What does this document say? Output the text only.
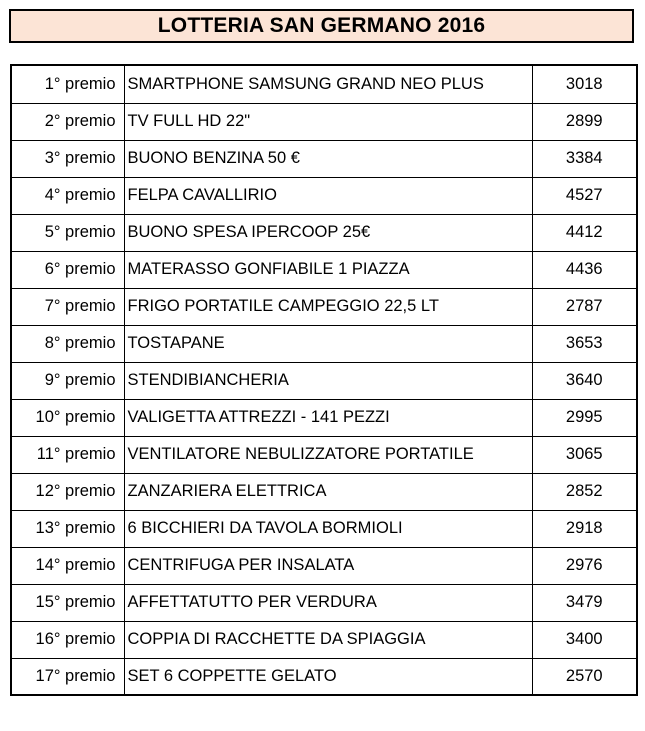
LOTTERIA SAN GERMANO 2016
1° premio	SMARTPHONE SAMSUNG GRAND NEO PLUS	3018
2° premio	TV FULL HD 22"	2899
3° premio	BUONO BENZINA 50 €	3384
4° premio	FELPA CAVALLIRIO	4527
5° premio	BUONO SPESA IPERCOOP 25€	4412
6° premio	MATERASSO GONFIABILE 1 PIAZZA	4436
7° premio	FRIGO PORTATILE CAMPEGGIO 22,5 LT	2787
8° premio	TOSTAPANE	3653
9° premio	STENDIBIANCHERIA	3640
10° premio	VALIGETTA ATTREZZI - 141 PEZZI	2995
11° premio	VENTILATORE NEBULIZZATORE PORTATILE	3065
12° premio	ZANZARIERA ELETTRICA	2852
13° premio	6 BICCHIERI DA TAVOLA BORMIOLI	2918
14° premio	CENTRIFUGA PER INSALATA	2976
15° premio	AFFETTATUTTO PER VERDURA	3479
16° premio	COPPIA DI RACCHETTE DA SPIAGGIA	3400
17° premio	SET 6 COPPETTE GELATO	2570
